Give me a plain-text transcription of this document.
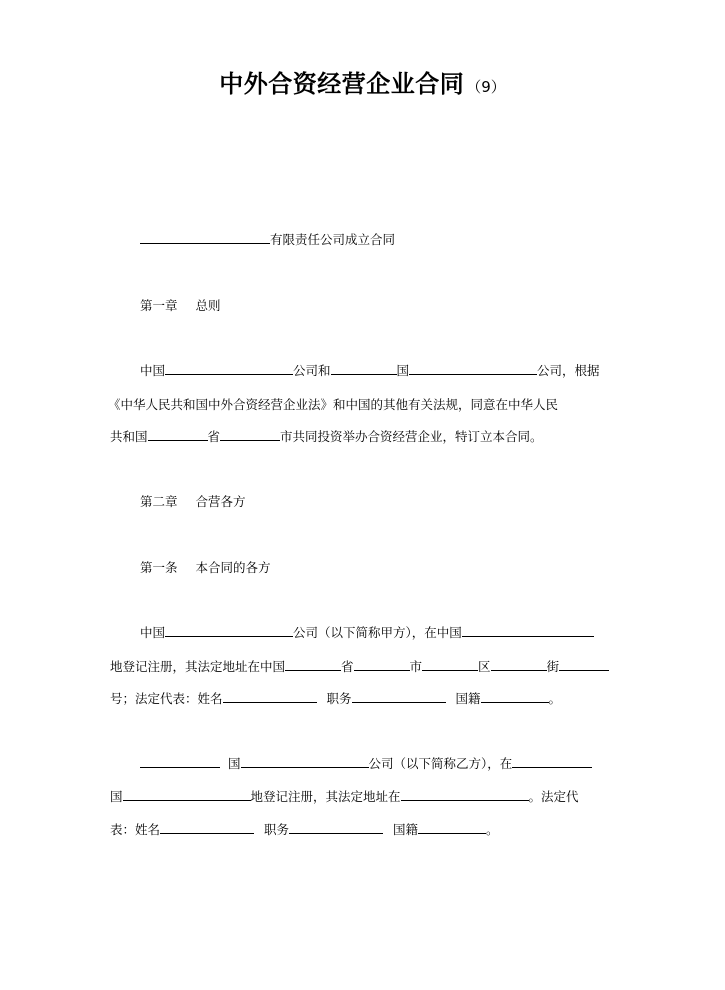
中外合资经营企业合同 （9）
有限责任公司成立合同
第一章 总则
中国	公司和	国	公司，根据
《中华人民共和国中外合资经营企业法》和中国的其他有关法规，同意在中华人民
共和国	省	市共同投资举办合资经营企业，特订立本合同。
第二章 合营各方
第一条 本合同的各方
中国	公司（以下简称甲方），在中国
地登记注册，其法定地址在中国	省	市	区	街
号；法定代表：姓名	职务	国籍	。
国	公司（以下简称乙方），在
国	地登记注册，其法定地址在	。法定代
表：姓名	职务	国籍	。
